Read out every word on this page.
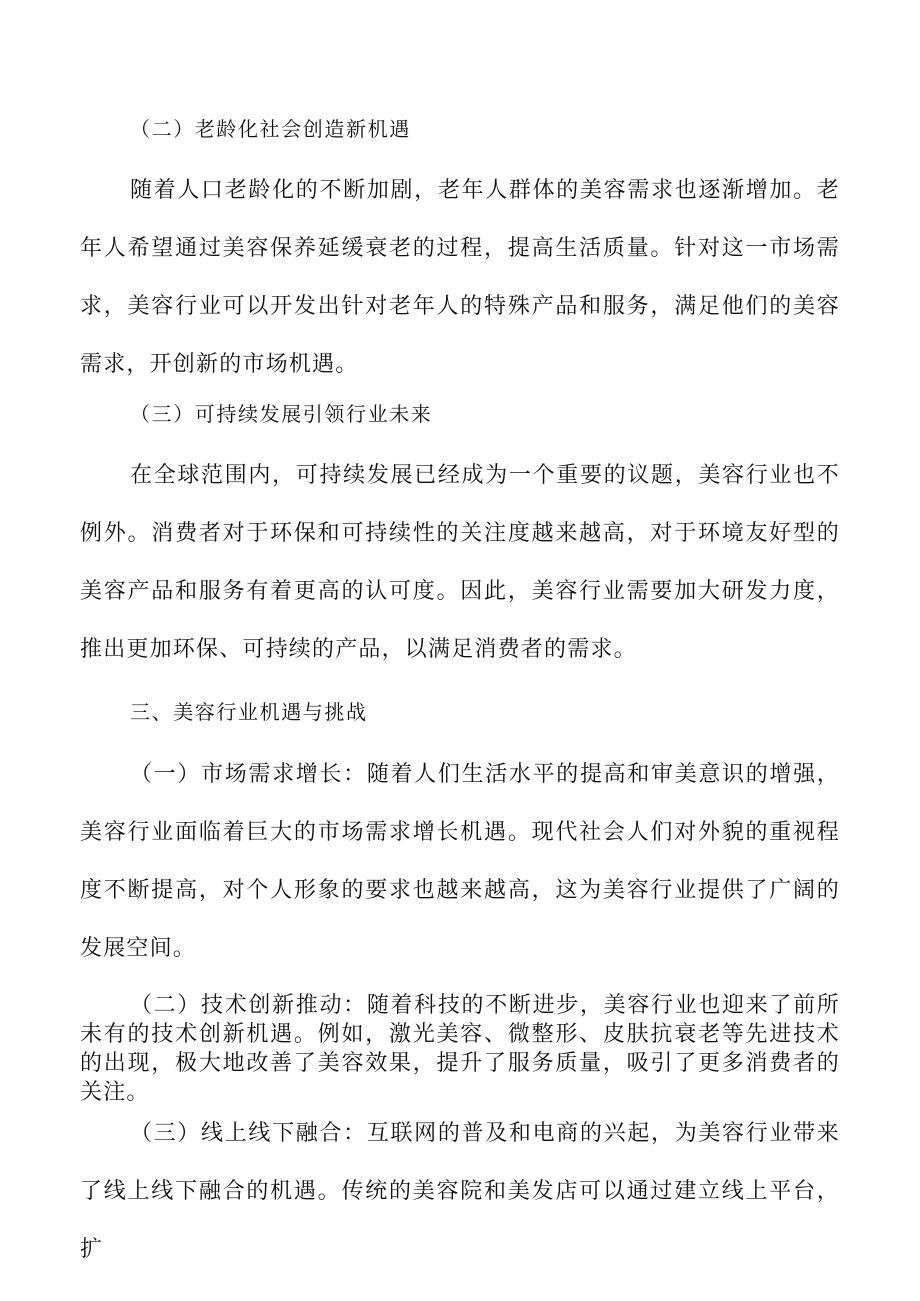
（二）老龄化社会创造新机遇

随着人口老龄化的不断加剧，老年人群体的美容需求也逐渐增加。老年人希望通过美容保养延缓衰老的过程，提高生活质量。针对这一市场需求，美容行业可以开发出针对老年人的特殊产品和服务，满足他们的美容需求，开创新的市场机遇。

（三）可持续发展引领行业未来

在全球范围内，可持续发展已经成为一个重要的议题，美容行业也不例外。消费者对于环保和可持续性的关注度越来越高，对于环境友好型的美容产品和服务有着更高的认可度。因此，美容行业需要加大研发力度，推出更加环保、可持续的产品，以满足消费者的需求。

三、美容行业机遇与挑战

（一）市场需求增长：随着人们生活水平的提高和审美意识的增强，美容行业面临着巨大的市场需求增长机遇。现代社会人们对外貌的重视程度不断提高，对个人形象的要求也越来越高，这为美容行业提供了广阔的发展空间。

（二）技术创新推动：随着科技的不断进步，美容行业也迎来了前所未有的技术创新机遇。例如，激光美容、微整形、皮肤抗衰老等先进技术的出现，极大地改善了美容效果，提升了服务质量，吸引了更多消费者的关注。

（三）线上线下融合：互联网的普及和电商的兴起，为美容行业带来了线上线下融合的机遇。传统的美容院和美发店可以通过建立线上平台，扩
